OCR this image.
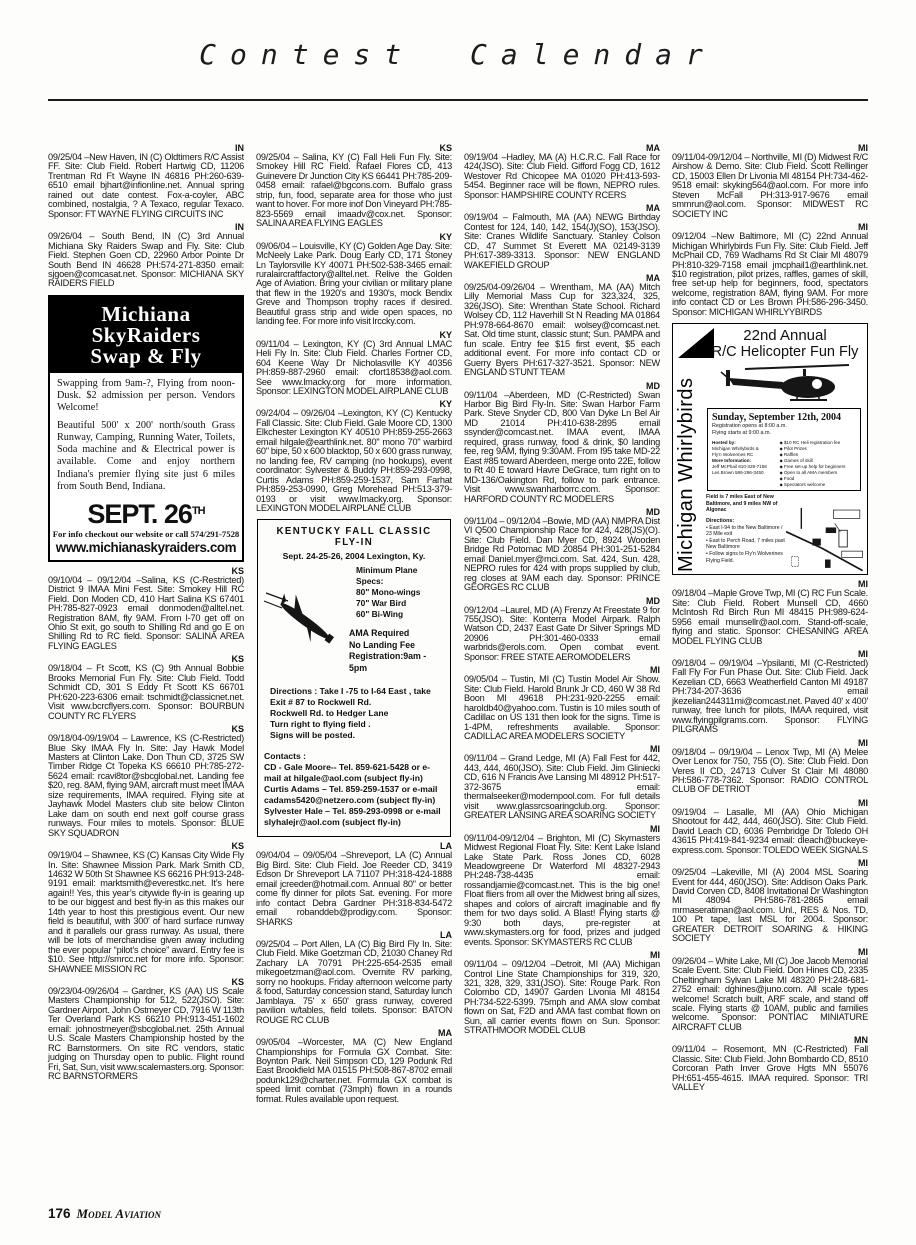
Contest Calendar
IN

09/25/04 –New Haven, IN (C) Oldtimers R/C Assist FF. Site: Club Field. Robert Hartwig CD, 11206 Trentman Rd Ft Wayne IN 46816 PH:260-639-6510 email bjhart@infionline.net. Annual spring rained out date contest. Fox-a-coyler, ABC combined, nostalgia, ? A Texaco, regular Texaco. Sponsor: FT WAYNE FLYING CIRCUITS INC

IN

09/26/04 – South Bend, IN (C) 3rd Annual Michiana Sky Raiders Swap and Fly. Site: Club Field. Stephen Goen CD, 22960 Arbor Pointe Dr South Bend IN 46628 PH:574-271-8350 email: sjgoen@comcasat.net. Sponsor: MICHIANA SKY RAIDERS FIELD

Michiana
SkyRaiders
Swap & Fly

Swapping from 9am-?, Flying from noon-Dusk. $2 admission per person. Vendors Welcome!

Beautiful 500' x 200' north/south Grass Runway, Camping, Running Water, Toilets, Soda machine and & Electrical power is available. Come and enjoy northern Indiana's premier flying site just 6 miles from South Bend, Indiana.

SEPT. 26TH
For info checkout our website or call 574/291-7528
www.michianaskyraiders.com
KS

09/10/04 – 09/12/04 –Salina, KS (C-Restricted) District 9 IMAA Mini Fest. Site: Smokey Hill RC Field. Don Moden CD, 410 Hart Salina KS 67401 PH:785-827-0923 email donmoden@alltel.net. Registration 8AM, fly 9AM. From I-70 get off on Ohio St exit, go south to Shilling Rd and go E on Shilling Rd to RC field. Sponsor: SALINA AREA FLYING EAGLES

KS

09/18/04 – Ft Scott, KS (C) 9th Annual Bobbie Brooks Memorial Fun Fly. Site: Club Field. Todd Schmidt CD, 301 S Eddy Ft Scott KS 66701 PH:620-223-6306 email: tschmidt@classicnet.net. Visit www.bcrcflyers.com. Sponsor: BOURBUN COUNTY RC FLYERS

KS

09/18/04-09/19/04 – Lawrence, KS (C-Restricted) Blue Sky IMAA Fly In. Site: Jay Hawk Model Masters at Clinton Lake. Don Thun CD, 3725 SW Timber Ridge Ct Topeka KS 66610 PH:785-272-5624 email: rcavi8tor@sbcglobal.net. Landing fee $20, reg. 8AM, flying 9AM, aircraft must meet IMAA size requirements, IMAA required. Flying site at Jayhawk Model Masters club site below Clinton Lake dam on south end next golf course grass runways. Four miles to motels. Sponsor: BLUE SKY SQUADRON

KS

09/19/04 – Shawnee, KS (C) Kansas City Wide Fly In. Site: Shawnee Mission Park. Mark Smith CD, 14632 W 50th St Shawnee KS 66216 PH:913-248-9191 email: marktsmith@everestkc.net. It’s here again!! Yes, this year’s citywide fly-in is gearing up to be our biggest and best fly-in as this makes our 14th year to host this prestigious event. Our new field is beautiful, with 300' of hard surface runway and it parallels our grass runway. As usual, there will be lots of merchandise given away including the ever popular “pilot’s choice” award. Entry fee is $10. See http://smrcc.net for more info. Sponsor: SHAWNEE MISSION RC

KS

09/23/04-09/26/04 – Gardner, KS (AA) US Scale Masters Championship for 512, 522(JSO). Site: Gardner Airport. John Ostmeyer CD, 7916 W 113th Ter Overland Park KS 66210 PH:913-451-1602 email: johnostmeyer@sbcglobal.net. 25th Annual U.S. Scale Masters Championship hosted by the RC Barnstormers. On site RC vendors, static judging on Thursday open to public. Flight round Fri, Sat, Sun, visit www.scalemasters.org. Sponsor: RC BARNSTORMERS

KS

09/25/04 – Salina, KY (C) Fall Heli Fun Fly. Site: Smokey Hill RC Field. Rafael Flores CD, 413 Guinevere Dr Junction City KS 66441 PH:785-209-0458 email: rafael@bgcons.com. Buffalo grass strip, fun, food, separate area for those who just want to hover. For more inof Don Vineyard PH:785-823-5569 email imaadv@cox.net. Sponsor: SALINA AREA FLYING EAGLES

KY

09/06/04 – Louisville, KY (C) Golden Age Day. Site: McNeely Lake Park. Doug Early CD, 171 Stoney Ln Taylorsville KY 40071 PH:502-538-3465 email: ruralaircraftfactory@alltel.net. Relive the Golden Age of Aviation. Bring your civilian or military plane that flew in the 1920's and 1930's, mock Bendix Greve and Thompson trophy races if desired. Beautiful grass strip and wide open spaces, no landing fee. For more info visit lrccky.com.

KY

09/11/04 – Lexington, KY (C) 3rd Annual LMAC Heli Fly In. Site: Club Field. Charles Fortner CD, 604 Keene Way Dr Nicholasville KY 40356 PH:859-887-2960 email: cfort18538@aol.com. See www.lmacky.org for more information. Sponsor: LEXINGTON MODEL AIRPLANE CLUB

KY

09/24/04 – 09/26/04 –Lexington, KY (C) Kentucky Fall Classic. Site: Club Field. Gale Moore CD, 1300 Elkchester Lexington KY 40510 PH:859-255-2663 email hilgale@earthlink.net. 80" mono 70" warbird 60" bipe, 50 x 600 blacktop, 50 x 600 grass runway, no landing fee, RV camping (no hookups), event coordinator: Sylvester & Buddy PH:859-293-0998, Curtis Adams PH:859-259-1537, Sam Farhat PH:859-253-0990, Greg Morehead PH:513-379-0193 or visit www.lmacky.org. Sponsor: LEXINGTON MODEL AIRPLANE CLUB

KENTUCKY FALL CLASSIC FLY-IN
Sept. 24-25-26, 2004 Lexington, Ky.
Minimum Plane Specs:
80" Mono-wings
70" War Bird
60" Bi-Wing
AMA Required
No Landing Fee
Registration:9am - 5pm
Directions : Take I -75 to I-64 East , take
Exit # 87 to Rockwell Rd.
Rockwell Rd. to Hedger Lane
Turn right to flying field .
Signs will be posted.
Contacts :
CD - Gale Moore-- Tel. 859-621-5428 or e-mail at hilgale@aol.com (subject fly-in)
Curtis Adams – Tel. 859-259-1537 or e-mail cadams5420@netzero.com (subject fly-in)
Sylvester Hale – Tel. 859-293-0998 or e-mail slyhalejr@aol.com (subject fly-in)
LA

09/04/04 – 09/05/04 –Shreveport, LA (C) Annual Big Bird. Site: Club Field. Joe Reeder CD, 3419 Edson Dr Shreveport LA 71107 PH:318-424-1888 email jcreeder@hotmail.com. Annual 80" or better come fly dinner for pilots Sat. evening. For more info contact Debra Gardner PH:318-834-5472 email robanddeb@prodigy.com. Sponsor: SHARKS

LA

09/25/04 – Port Allen, LA (C) Big Bird Fly In. Site: Club Field. Mike Goetzman CD, 21030 Chaney Rd Zachary LA 70791 PH:225-654-2535 email mikegoetzman@aol.com. Overnite RV parking, sorry no hookups. Friday afternoon welcome party & food, Saturday concession stand, Saturday lunch Jamblaya. 75' x 650' grass runway, covered pavilion w/tables, field toilets. Sponsor: BATON ROUGE RC CLUB

MA

09/05/04 –Worcester, MA (C) New England Championships for Formula GX Combat. Site: Boynton Park. Neil Simpson CD, 129 Podunk Rd East Brookfield MA 01515 PH:508-867-8702 email podunk129@charter.net. Formula GX combat is speed limit combat (73mph) flown in a rounds format. Rules available upon request.

MA

09/19/04 –Hadley, MA (A) H.C.R.C. Fall Race for 424(JSO). Site: Club Field. Gifford Fogg CD, 1612 Westover Rd Chicopee MA 01020 PH:413-593-5454. Beginner race will be flown, NEPRO rules. Sponsor: HAMPSHIRE COUNTY RCERS

MA

09/19/04 – Falmouth, MA (AA) NEWG Birthday Contest for 124, 140, 142, 154(J)(SO), 153(JSO). Site: Cranes Wildlife Sanctuary. Stanley Colson CD, 47 Summet St Everett MA 02149-3139 PH:617-389-3313. Sponsor: NEW ENGLAND WAKEFIELD GROUP

MA

09/25/04-09/26/04 – Wrentham, MA (AA) Mitch Lilly Memorial Mass Cup for 323,324, 325, 326(JSO). Site: Wrenthan State School. Richard Wolsey CD, 112 Haverhill St N Reading MA 01864 PH:978-664-8670 email: wolsey@comcast.net. Sat. Old time stunt, classic stunt; Sun. PAMPA and fun scale. Entry fee $15 first event, $5 each additional event. For more info contact CD or Guerry Byers PH:617-327-3521. Sponsor: NEW ENGLAND STUNT TEAM

MD

09/11/04 –Aberdeen, MD (C-Restricted) Swan Harbor Big Bird Fly-In. Site: Swan Harbor Farm Park. Steve Snyder CD, 800 Van Dyke Ln Bel Air MD 21014 PH:410-638-2895 email ssynder@comcast.net. IMAA event, IMAA required, grass runway, food & drink, $0 landing fee, reg 9AM, flying 9:30AM. From I95 take MD-22 East #85 toward Aberdeen, merge onto 22E, follow to Rt 40 E toward Havre DeGrace, turn right on to MD-136/Oakington Rd, follow to park entrance. Visit www.swanharborrc.com. Sponsor: HARFORD COUNTY RC MODELERS

MD

09/11/04 – 09/12/04 –Bowie, MD (AA) NMPRA Dist VI Q500 Championship Race for 424, 428(JS)(O). Site: Club Field. Dan Myer CD, 8924 Wooden Bridge Rd Potomac MD 20854 PH:301-251-5284 email Daniel.myer@mci.com. Sat. 424, Sun. 428, NEPRO rules for 424 with props supplied by club, reg closes at 9AM each day. Sponsor: PRINCE GEORGES RC CLUB

MD

09/12/04 –Laurel, MD (A) Frenzy At Freestate 9 for 755(JSO). Site: Konterra Model Airpark. Ralph Watson CD, 2437 East Gate Dr Silver Springs MD 20906 PH:301-460-0333 email warbrids@erols.com. Open combat event. Sponsor: FREE STATE AEROMODELERS

MI

09/05/04 – Tustin, MI (C) Tustin Model Air Show. Site: Club Field. Harold Brunk Jr CD, 460 W 38 Rd Boon MI 49618 PH:231-920-2255 email: haroldb40@yahoo.com. Tustin is 10 miles south of Cadillac on US 131 then look for the signs. Time is 1-4PM, refreshments available. Sponsor: CADILLAC AREA MODELERS SOCIETY

MI

09/11/04 – Grand Ledge, MI (A) Fall Fest for 442, 443, 444, 460(JSO). Site: Club Field. Jim Gliniecki CD, 616 N Francis Ave Lansing MI 48912 PH:517-372-3675 email: thermalseeker@modempool.com. For full details visit www.glassrcsoaringclub.org. Sponsor: GREATER LANSING AREA SOARING SOCIETY

MI

09/11/04-09/12/04 – Brighton, MI (C) Skymasters Midwest Regional Float Fly. Site: Kent Lake Island Lake State Park. Ross Jones CD, 6028 Meadowgreene Dr Waterford MI 48327-2943 PH:248-738-4435 email: rossandjamie@comcast.net. This is the big one! Float fliers from all over the Midwest bring all sizes, shapes and colors of aircraft imaginable and fly them for two days solid. A Blast! Flying starts @ 9:30 both days, pre-register at www.skymasters.org for food, prizes and judged events. Sponsor: SKYMASTERS RC CLUB

MI

09/11/04 – 09/12/04 –Detroit, MI (AA) Michigan Control Line State Championships for 319, 320, 321, 328, 329, 331(JSO). Site: Rouge Park. Ron Colombo CD, 14907 Garden Livonia MI 48154 PH:734-522-5399. 75mph and AMA slow combat flown on Sat, F2D and AMA fast combat flown on Sun, all carrier events flown on Sun. Sponsor: STRATHMOOR MODEL CLUB

MI

09/11/04-09/12/04 – Northville, MI (D) Midwest R/C Airshow & Demo. Site: Club Field. Scott Rellinger CD, 15003 Ellen Dr Livonia MI 48154 PH:734-462-9518 email: skyking564@aol.com. For more info Steven McFall PH:313-917-9676 email smmrun@aol.com. Sponsor: MIDWEST RC SOCIETY INC

MI

09/12/04 –New Baltimore, MI (C) 22nd Annual Michigan Whirlybirds Fun Fly. Site: Club Field. Jeff McPhail CD, 769 Wadhams Rd St Clair MI 48079 PH:810-329-7158 email jmcphail1@earthlink.net. $10 registration, pilot prizes, raffles, games of skill, free set-up help for beginners, food, spectators welcome, registration 8AM, flying 9AM. For more info contact CD or Les Brown PH:586-296-3450. Sponsor: MICHIGAN WHIRLYYBIRDS

Michigan Whirlybirds
22nd Annual
R/C Helicopter Fun Fly
Sunday, September 12th, 2004
Registration opens at 8:00 a.m.
Flying starts at 9:00 a.m.
Hosted by:
Michigan Whirlybirds &
Fly'n Wolverines RC
More Information:
Jeff McPhail 810-329-7158
Les Brown 586-296-3450
◆ $10 RC Heli registration fee
◆ Pilot Prizes
◆ Raffles
◆ Games of skill
◆ Free set-up help for beginners
◆ Open to all AMA members
◆ Food
◆ Spectators welcome
Field is 7 miles East of New Baltimore, and 9 miles NW of Algonac
Directions:
• East I-94 to the New Baltimore / 23 Mile exit
• East to Perch Road, 7 miles past New Baltimore
• Follow signs to Fly'n Wolverines Flying Field.
MI

09/18/04 –Maple Grove Twp, MI (C) RC Fun Scale. Site: Club Field. Robert Munsell CD, 4660 McIntosh Rd Birch Run MI 48415 PH:989-624-5956 email munsellr@aol.com. Stand-off-scale, flying and static. Sponsor: CHESANING AREA MODEL FLYING CLUB

MI

09/18/04 – 09/19/04 –Ypsilanti, MI (C-Restricted) Fall Fly For Fun Phase Out. Site: Club Field. Jack Kezelian CD, 6663 Weatherfield Canton MI 49187 PH:734-207-3636 email jkezelian244311mi@comcast.net. Paved 40' x 400' runway, free lunch for pilots, IMAA required, visit www.flyingpilgrams.com. Sponsor: FLYING PILGRAMS

MI

09/18/04 – 09/19/04 – Lenox Twp, MI (A) Melee Over Lenox for 750, 755 (O). Site: Club Field. Don Veres II CD, 24713 Culver St Clair MI 48080 PH:586-778-7362. Sponsor: RADIO CONTROL CLUB OF DETRIOT

MI

09/19/04 – Lasalle, MI (AA) Ohio Michigan Shootout for 442, 444, 460(JSO). Site: Club Field. David Leach CD, 6036 Pembridge Dr Toledo OH 43615 PH:419-841-9234 email: dleach@buckeye-express.com. Sponsor: TOLEDO WEEK SIGNALS

MI

09/25/04 –Lakeville, MI (A) 2004 MSL Soaring Event for 444, 460(JSO). Site: Addison Oaks Park. David Corven CD, 8408 Invitational Dr Washington MI 48094 PH:586-781-2865 email mrmaseratiman@aol.com. Unl., RES & Nos. TD, 100 Pt tape, last MSL for 2004. Sponsor: GREATER DETROIT SOARING & HIKING SOCIETY

MI

09/26/04 – White Lake, MI (C) Joe Jacob Memorial Scale Event. Site: Club Field. Don Hines CD, 2335 Cheltingham Sylvan Lake MI 48320 PH:248-681-2752 email: dghines@juno.com. All scale types welcome! Scratch built, ARF scale, and stand off scale. Flying starts @ 10AM, public and families welcome. Sponsor: PONTIAC MINIATURE AIRCRAFT CLUB

MN

09/11/04 – Rosemont, MN (C-Restricted) Fall Classic. Site: Club Field. John Bombardo CD, 8510 Corcoran Path Inver Grove Hgts MN 55076 PH:651-455-4615. IMAA required. Sponsor: TRI VALLEY

176 Model Aviation
